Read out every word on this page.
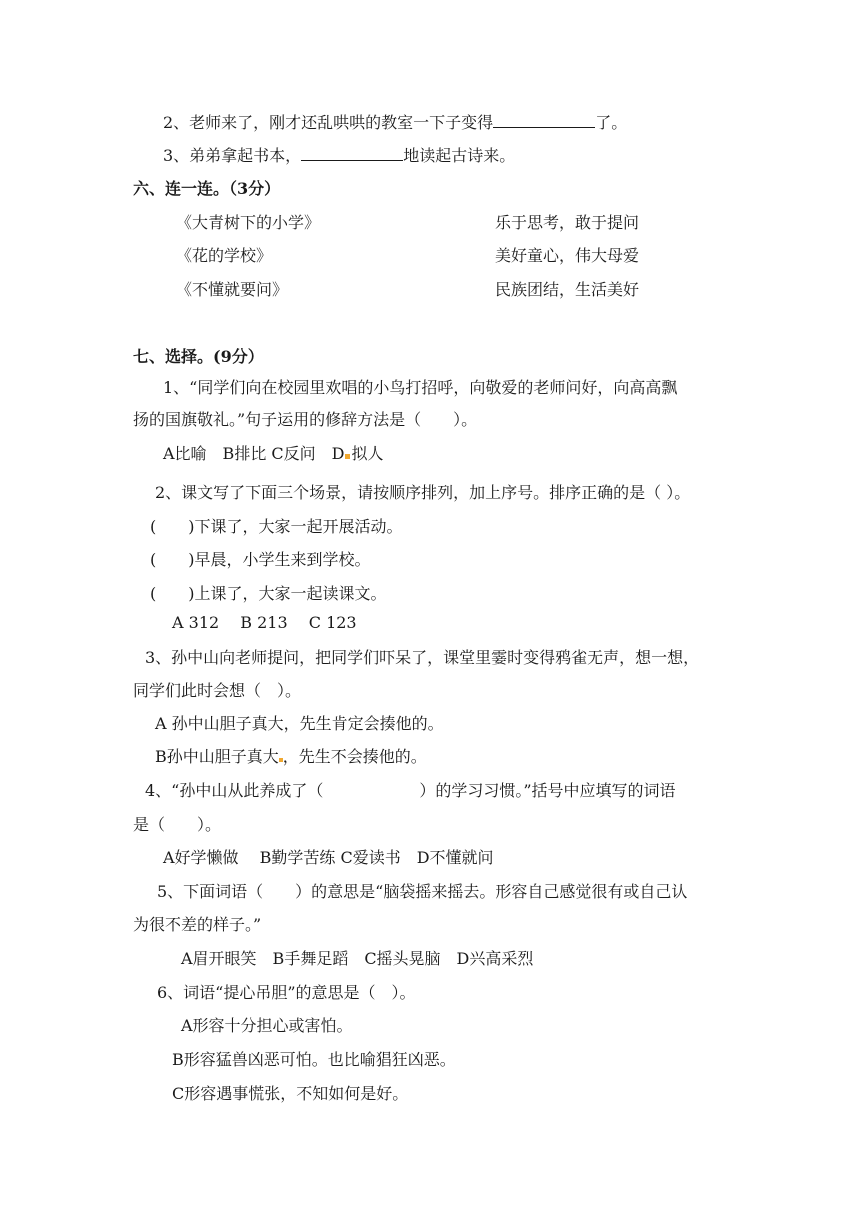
2、老师来了，刚才还乱哄哄的教室一下子变得	了。
3、弟弟拿起书本，	地读起古诗来。
六、连一连。（3分）
《大青树下的小学》
《花的学校》
《不懂就要问》
乐于思考，敢于提问
美好童心，伟大母爱
民族团结，生活美好
七、选择。(9分）
1、“同学们向在校园里欢唱的小鸟打招呼，向敬爱的老师问好，向高高飘
扬的国旗敬礼。”句子运用的修辞方法是（　　）。
A比喻　B排比 C反问　D 拟人
2、课文写了下面三个场景，请按顺序排列，加上序号。排序正确的是（ ）。
(　　)下课了，大家一起开展活动。
(　　)早晨，小学生来到学校。
(　　)上课了，大家一起读课文。
A 312　 B 213　 C 123
3、孙中山向老师提问，把同学们吓呆了，课堂里霎时变得鸦雀无声，想一想，
同学们此时会想（　）。
A 孙中山胆子真大，先生肯定会揍他的。
B孙中山胆子真大 ，先生不会揍他的。
4、“孙中山从此养成了（　　　　　　）的学习习惯。”括号中应填写的词语
是（　　）。
A好学懒做　 B勤学苦练 C爱读书　D不懂就问
5、下面词语（　　）的意思是“脑袋摇来摇去。形容自己感觉很有或自己认
为很不差的样子。”
A眉开眼笑　B手舞足蹈　C摇头晃脑　D兴高采烈
6、词语“提心吊胆”的意思是（　）。
A形容十分担心或害怕。
B形容猛兽凶恶可怕。也比喻猖狂凶恶。
C形容遇事慌张，不知如何是好。
